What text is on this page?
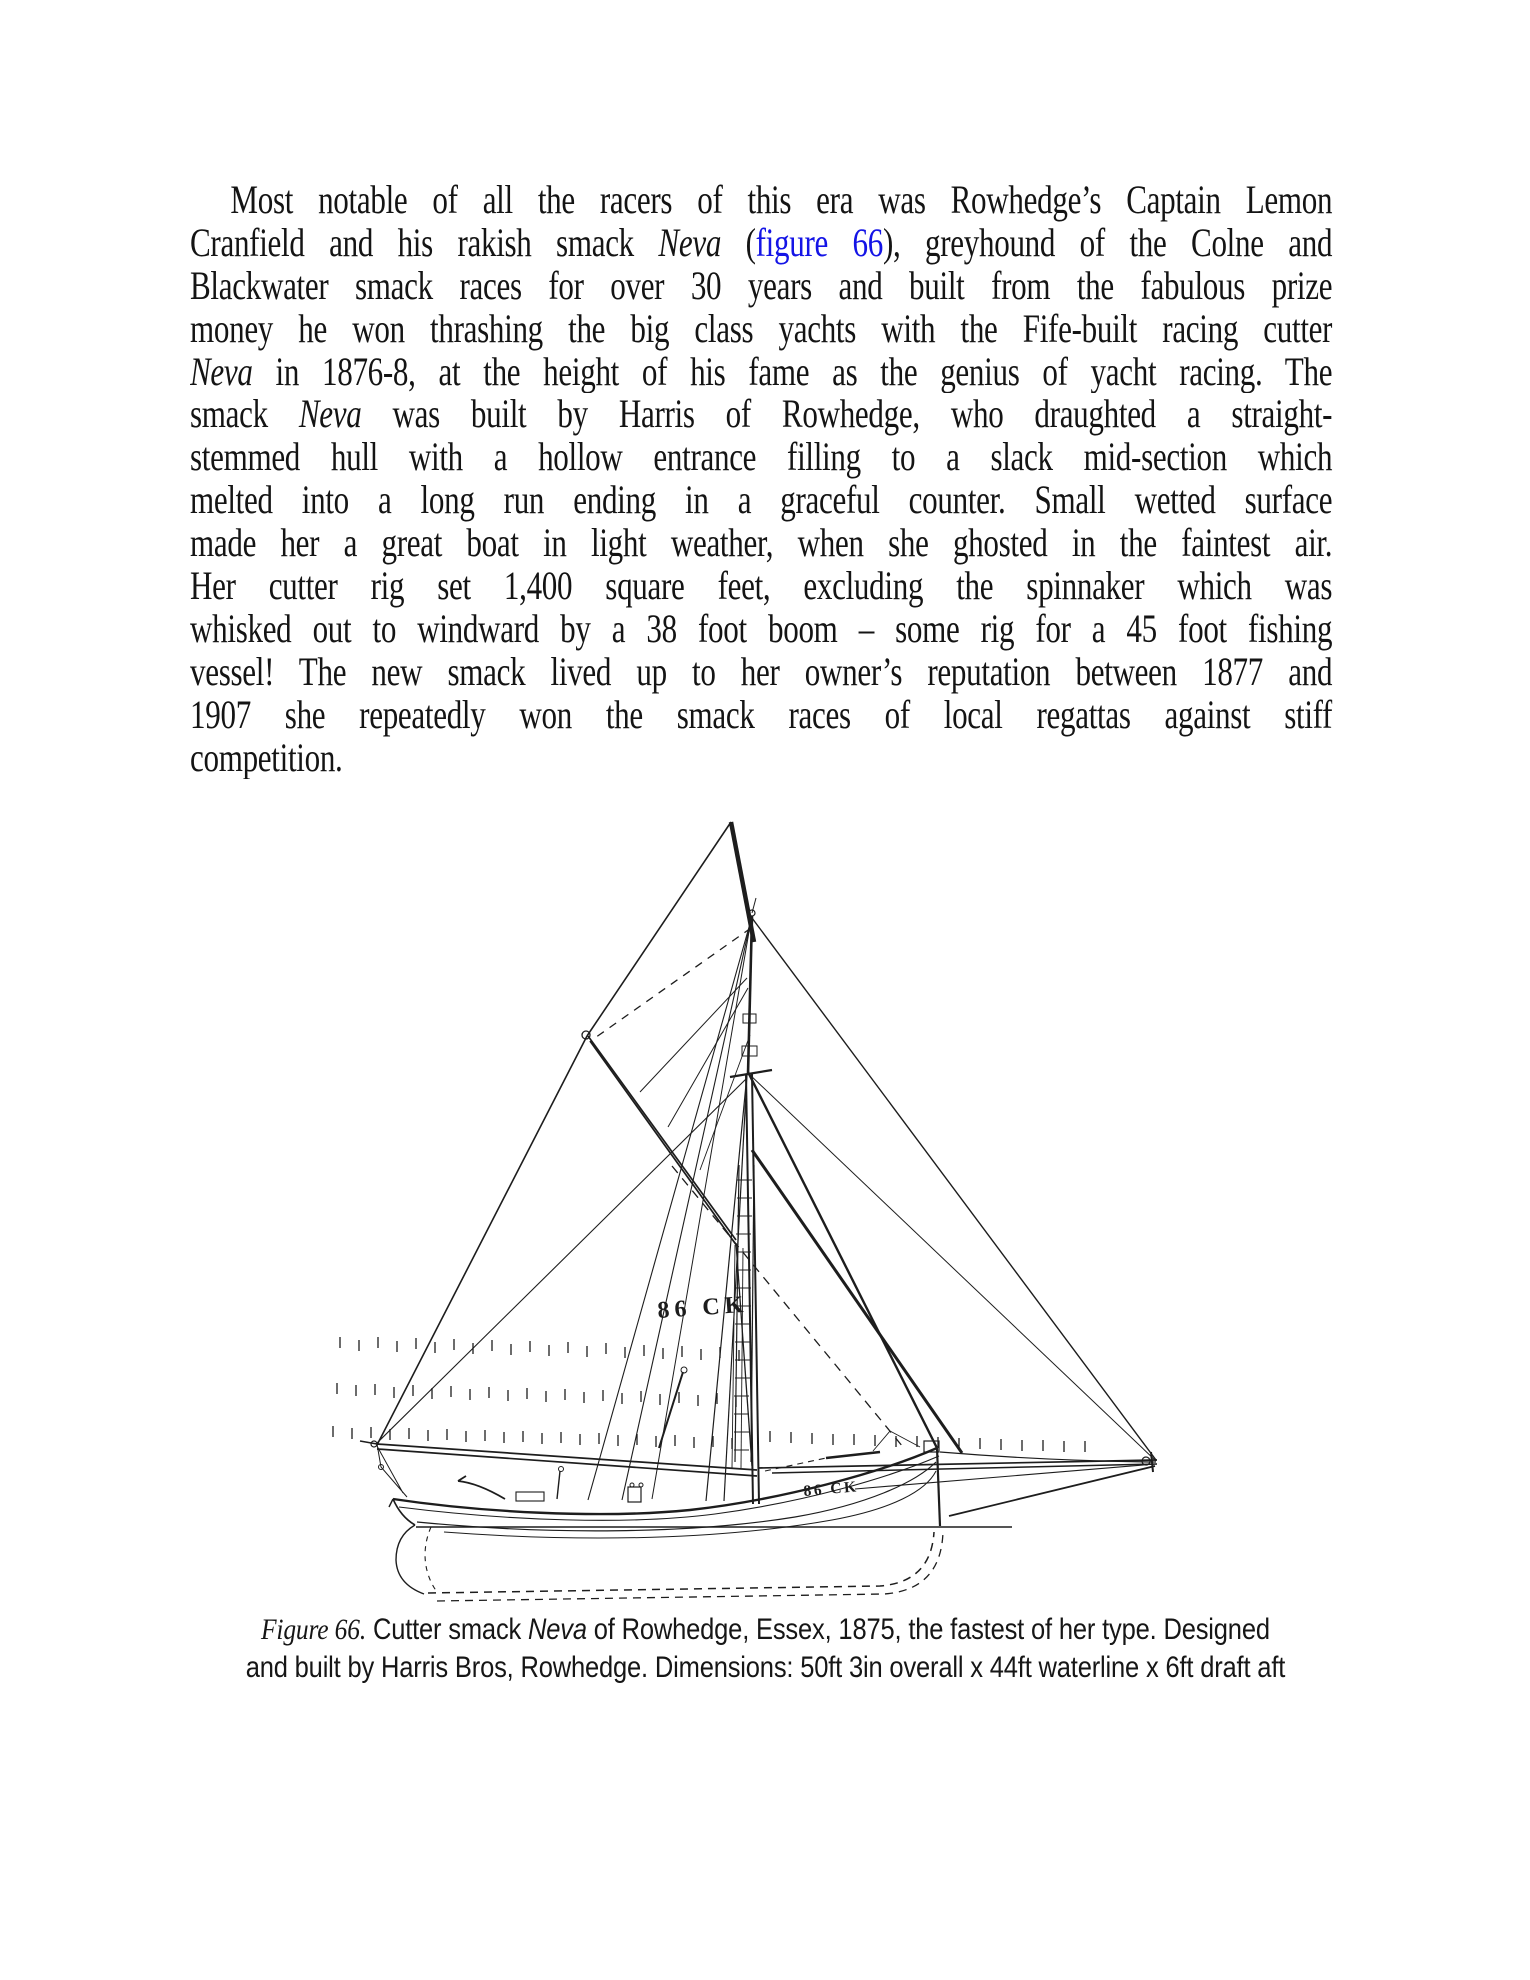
Most notable of all the racers of this era was Rowhedge’s Captain Lemon
Cranfield and his rakish smack Neva (figure 66), greyhound of the Colne and
Blackwater smack races for over 30 years and built from the fabulous prize
money he won thrashing the big class yachts with the Fife-built racing cutter
Neva in 1876-8, at the height of his fame as the genius of yacht racing. The
smack Neva was built by Harris of Rowhedge, who draughted a straight-
stemmed hull with a hollow entrance filling to a slack mid-section which
melted into a long run ending in a graceful counter. Small wetted surface
made her a great boat in light weather, when she ghosted in the faintest air.
Her cutter rig set 1,400 square feet, excluding the spinnaker which was
whisked out to windward by a 38 foot boom – some rig for a 45 foot fishing
vessel! The new smack lived up to her owner’s reputation between 1877 and
1907 she repeatedly won the smack races of local regattas against stiff
competition.
86 CK
86 CK
Figure 66. Cutter smack Neva of Rowhedge, Essex, 1875, the fastest of her type. Designed
and built by Harris Bros, Rowhedge. Dimensions: 50ft 3in overall x 44ft waterline x 6ft draft aft
